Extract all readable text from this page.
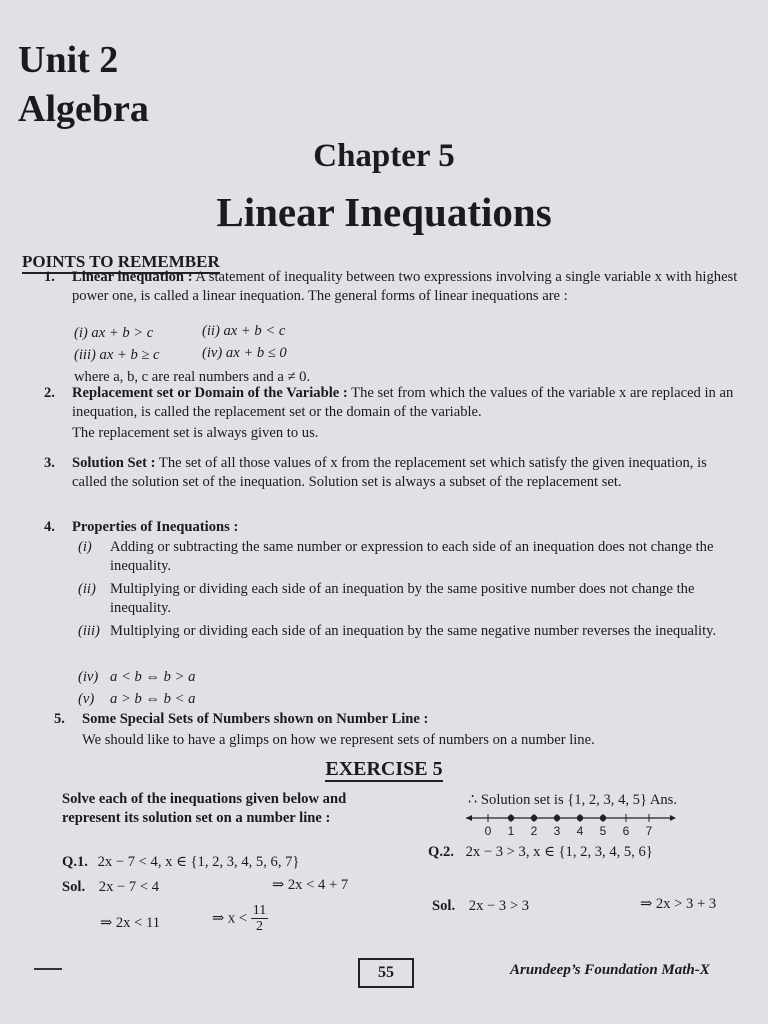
Unit 2
Algebra
Chapter 5
Linear Inequations
POINTS TO REMEMBER
1. Linear inequation : A statement of inequality between two expressions involving a single variable x with highest power one, is called a linear inequation. The general forms of linear inequations are :
(i) ax + b > c	(ii) ax + b < c
(iii) ax + b ≥ c	(iv) ax + b ≤ 0
where a, b, c are real numbers and a ≠ 0.
2. Replacement set or Domain of the Variable : The set from which the values of the variable x are replaced in an inequation, is called the replacement set or the domain of the variable.
The replacement set is always given to us.
3. Solution Set : The set of all those values of x from the replacement set which satisfy the given inequation, is called the solution set of the inequation. Solution set is always a subset of the replacement set.
4. Properties of Inequations :
(i) Adding or subtracting the same number or expression to each side of an inequation does not change the inequality.
(ii) Multiplying or dividing each side of an inequation by the same positive number does not change the inequality.
(iii) Multiplying or dividing each side of an inequation by the same negative number reverses the inequality.
(iv) a < b ⇔ b > a
(v) a > b ⇔ b < a
5. Some Special Sets of Numbers shown on Number Line :
We should like to have a glimps on how we represent sets of numbers on a number line.
EXERCISE 5
Solve each of the inequations given below and represent its solution set on a number line :
Q.1. 2x − 7 < 4, x ∈ {1, 2, 3, 4, 5, 6, 7}
Sol. 2x − 7 < 4	⇒ 2x < 4 + 7
⇒ 2x < 11	⇒ $x < \frac{11}{2}$
∴ Solution set is {1, 2, 3, 4, 5} Ans.
0 1 2 3 4 5 6 7
Q.2. 2x − 3 > 3, x ∈ {1, 2, 3, 4, 5, 6}
Sol. 2x − 3 > 3	⇒ 2x > 3 + 3
55	Arundeep’s Foundation Math-X
